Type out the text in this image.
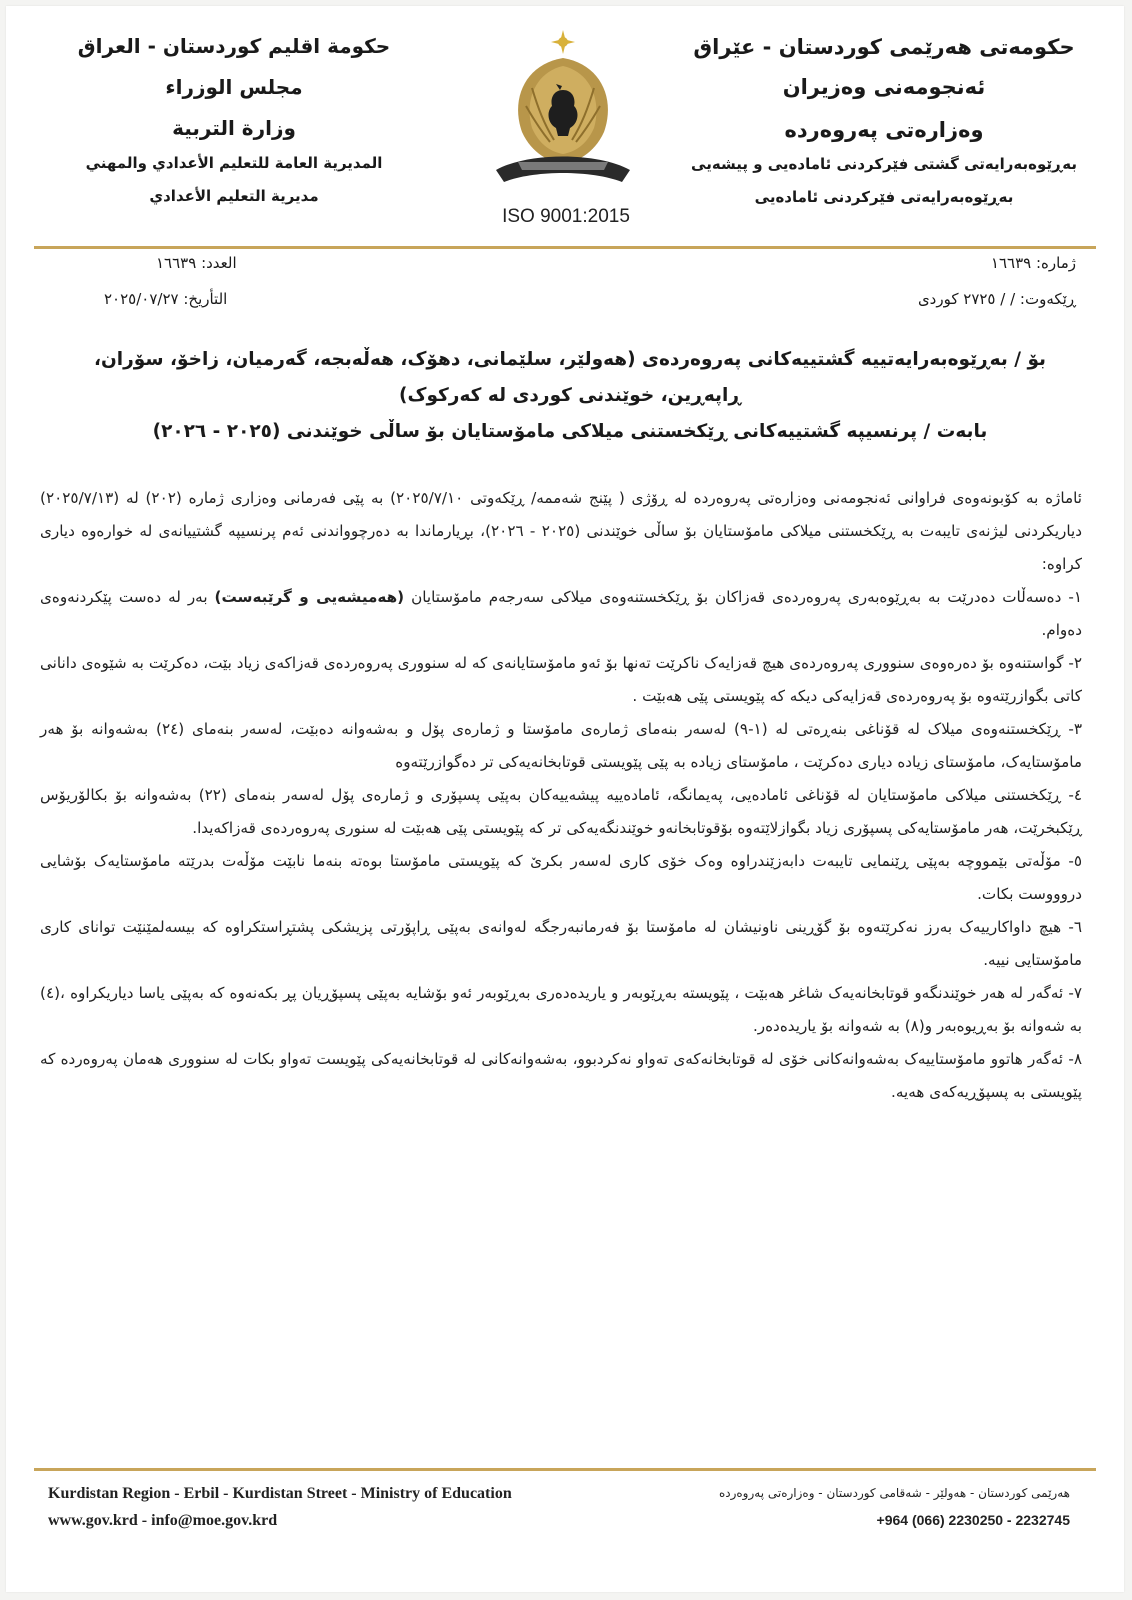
حکومەتی هەرێمی کوردستان - عێراق
ئەنجومەنی وەزیران
وەزارەتی پەروەردە
بەڕێوەبەرایەتی گشتی فێرکردنی ئامادەیی و پیشەیی
بەڕێوەبەرایەتی فێرکردنی ئامادەیی
ISO 9001:2015
حكومة اقليم كوردستان - العراق
مجلس الوزراء
وزارة التربية
المديرية العامة للتعليم الأعدادي والمهني
مديرية التعليم الأعدادي
ژمارە: ١٦٦٣٩
ڕێکەوت: / / ٢٧٢٥ کوردی
العدد: ١٦٦٣٩
التأريخ: ٢٠٢٥/٠٧/٢٧
بۆ / بەڕێوەبەرایەتییە گشتییەکانی پەروەردەی (هەولێر، سلێمانی، دهۆک، هەڵەبجە، گەرمیان، زاخۆ، سۆران، ڕاپەڕین، خوێندنی کوردی لە کەرکوک)
بابەت / پرنسیپە گشتییەکانی ڕێکخستنی میلاکی مامۆستایان بۆ ساڵی خوێندنی (٢٠٢٥ - ٢٠٢٦)

ئاماژە بە کۆبونەوەی فراوانی ئەنجومەنی وەزارەتی پەروەردە لە ڕۆژی ( پێنج شەممە/ ڕێکەوتی ٢٠٢٥/٧/١٠) بە پێی فەرمانی وەزاری ژمارە (٢٠٢) لە (٢٠٢٥/٧/١٣) دیاریکردنی لیژنەی تایبەت بە ڕێکخستنی میلاکی مامۆستایان بۆ ساڵی خوێندنی (٢٠٢٥ - ٢٠٢٦)، بڕیارماندا بە دەرچوواندنی ئەم پرنسیپە گشتییانەی لە خوارەوە دیاری کراوە:

١- دەسەڵات دەدرێت بە بەڕێوەبەری پەروەردەی قەزاکان بۆ ڕێکخستنەوەی میلاکی سەرجەم مامۆستایان (هەمیشەیی و گرێبەست) بەر لە دەست پێکردنەوەی دەوام.

٢- گواستنەوە بۆ دەرەوەی سنووری پەروەردەی هیچ قەزایەک ناکرێت تەنها بۆ ئەو مامۆستایانەی کە لە سنووری پەروەردەی قەزاکەی زیاد بێت، دەکرێت بە شێوەی دانانی کاتی بگوازرێتەوە بۆ پەروەردەی قەزایەکی دیکە کە پێویستی پێی هەبێت .

٣- ڕێکخستنەوەی میلاک لە قۆناغی بنەڕەتی لە (١-٩) لەسەر بنەمای ژمارەی مامۆستا و ژمارەی پۆل و بەشەوانە دەبێت، لەسەر بنەمای (٢٤) بەشەوانە بۆ هەر مامۆستایەک، مامۆستای زیادە دیاری دەکرێت ، مامۆستای زیادە بە پێی پێویستی قوتابخانەیەکی تر دەگوازرێتەوە

٤- ڕێکخستنی میلاکی مامۆستایان لە قۆناغی ئامادەیی، پەیمانگە، ئامادەییە پیشەییەکان بەپێی پسپۆری و ژمارەی پۆل لەسەر بنەمای (٢٢) بەشەوانە بۆ بکالۆریۆس ڕێکبخرێت، هەر مامۆستایەکی پسپۆری زیاد بگوازلاێتەوە بۆقوتابخانەو خوێندنگەیەکی تر کە پێویستی پێی هەبێت لە سنوری پەروەردەی قەزاکەیدا.

٥- مۆڵەتی بێمووچە بەپێی ڕێنمایی تایبەت دابەزێندراوە وەک خۆی کاری لەسەر بکرێ کە پێویستی مامۆستا بوەتە بنەما نابێت مۆڵەت بدرێتە مامۆستایەک بۆشایی دروووست بکات.

٦- هیچ داواکارییەک بەرز نەکرێتەوە بۆ گۆڕینی ناونیشان لە مامۆستا بۆ فەرمانبەرجگە لەوانەی بەپێی ڕاپۆرتی پزیشکی پشتڕاستکراوە کە بیسەلمێنێت توانای کاری مامۆستایی نییە.

٧- ئەگەر لە هەر خوێندنگەو قوتابخانەیەک شاغر هەبێت ، پێویستە بەڕێوبەر و یاریدەدەری بەڕێوبەر ئەو بۆشایە بەپێی پسپۆڕیان پڕ بکەنەوە کە بەپێی یاسا دیاریکراوە ،(٤) بە شەوانە بۆ بەڕیوەبەر و(٨) بە شەوانە بۆ یاریدەدەر.

٨- ئەگەر هاتوو مامۆستاییەک بەشەوانەکانی خۆی لە قوتابخانەکەی تەواو نەکردبوو، بەشەوانەکانی لە قوتابخانەیەکی پێویست تەواو بکات لە سنووری هەمان پەروەردە کە پێویستی بە پسپۆڕیەکەی هەیە.

Kurdistan Region - Erbil - Kurdistan Street - Ministry of Education
www.gov.krd - info@moe.gov.krd
هەرێمی کوردستان - هەولێر - شەقامی کوردستان - وەزارەتی پەروەردە
+964 (066) 2230250 - 2232745
